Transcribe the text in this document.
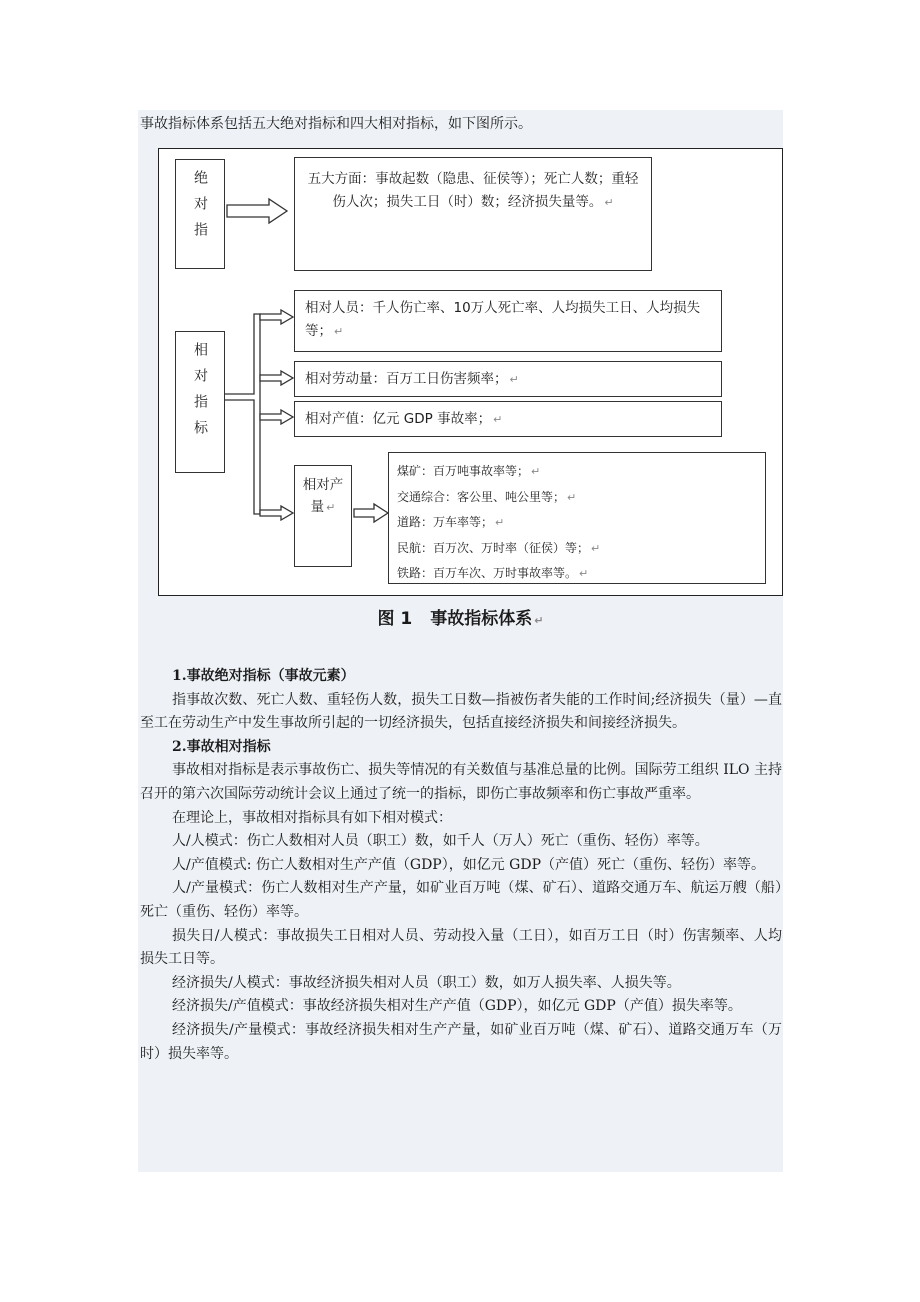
事故指标体系包括五大绝对指标和四大相对指标，如下图所示。
绝对指	五大方面：事故起数（隐患、征侯等）；死亡人数；重轻伤人次；损失工日（时）数；经济损失量等。 ↵
相对指标
相对人员：千人伤亡率、10万人死亡率、人均损失工日、人均损失等； ↵
相对劳动量：百万工日伤害频率； ↵
相对产值：亿元 GDP 事故率； ↵
相对产量 ↵
煤矿：百万吨事故率等； ↵
交通综合：客公里、吨公里等； ↵
道路：万车率等； ↵
民航：百万次、万时率（征侯）等； ↵
铁路：百万车次、万时事故率等。 ↵
图 1 事故指标体系 ↵

1.事故绝对指标（事故元素）

指事故次数、死亡人数、重轻伤人数，损失工日数—指被伤者失能的工作时间;经济损失（量）—直至工在劳动生产中发生事故所引起的一切经济损失，包括直接经济损失和间接经济损失。

2.事故相对指标

事故相对指标是表示事故伤亡、损失等情况的有关数值与基准总量的比例。国际劳工组织 ILO 主持召开的第六次国际劳动统计会议上通过了统一的指标，即伤亡事故频率和伤亡事故严重率。

在理论上，事故相对指标具有如下相对模式：

人/人模式：伤亡人数相对人员（职工）数，如千人（万人）死亡（重伤、轻伤）率等。

人/产值模式: 伤亡人数相对生产产值（GDP），如亿元 GDP（产值）死亡（重伤、轻伤）率等。

人/产量模式：伤亡人数相对生产产量，如矿业百万吨（煤、矿石）、道路交通万车、航运万艘（船）死亡（重伤、轻伤）率等。

损失日/人模式：事故损失工日相对人员、劳动投入量（工日），如百万工日（时）伤害频率、人均损失工日等。

经济损失/人模式：事故经济损失相对人员（职工）数，如万人损失率、人损失等。

经济损失/产值模式：事故经济损失相对生产产值（GDP），如亿元 GDP（产值）损失率等。

经济损失/产量模式：事故经济损失相对生产产量，如矿业百万吨（煤、矿石）、道路交通万车（万时）损失率等。
